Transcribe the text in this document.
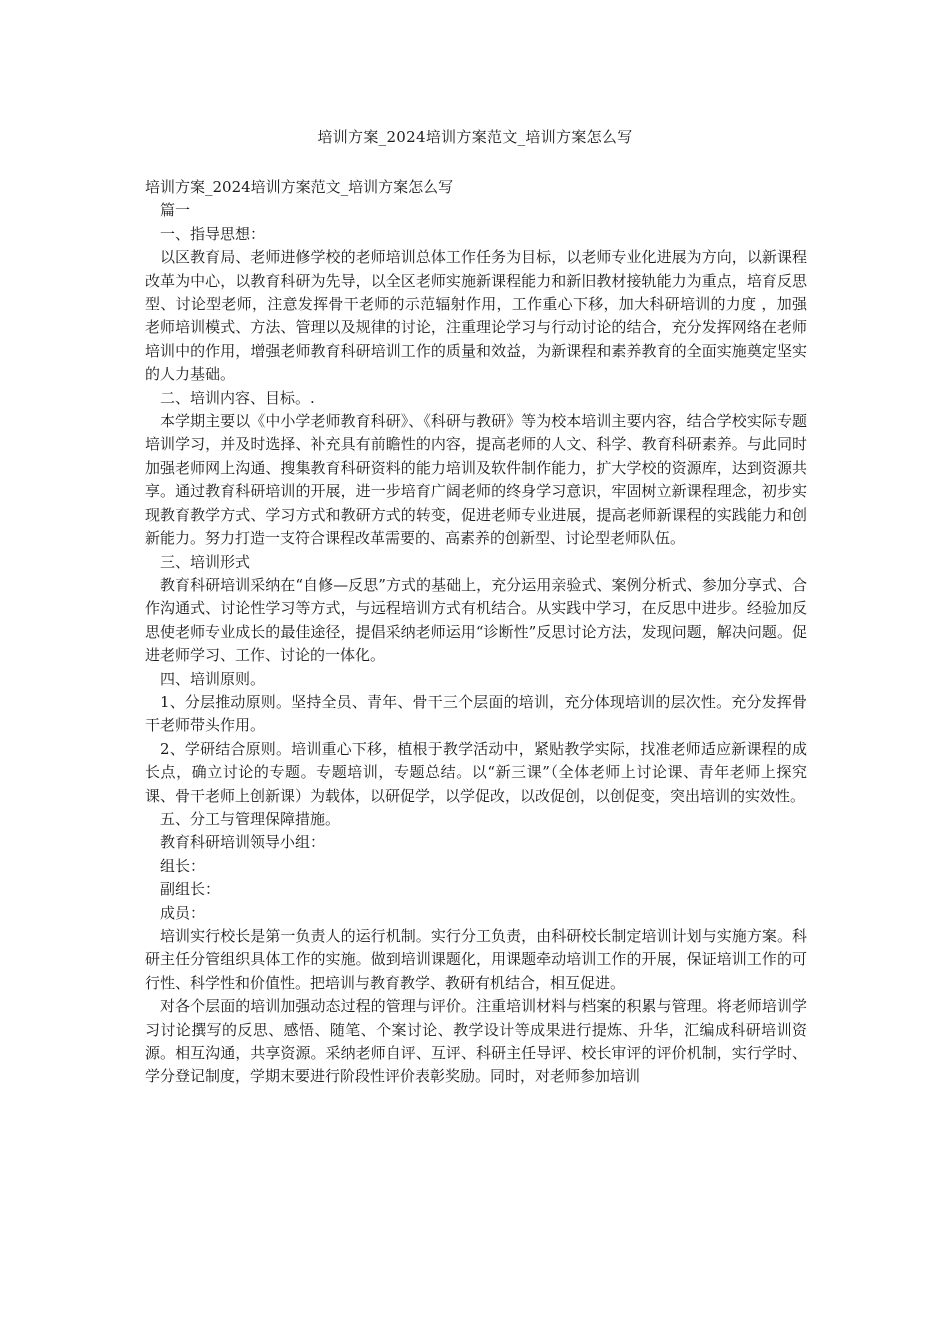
培训方案_2024培训方案范文_培训方案怎么写

培训方案_2024培训方案范文_培训方案怎么写

篇一

一、指导思想：

以区教育局、老师进修学校的老师培训总体工作任务为目标，以老师专业化进展为方向，以新课程改革为中心，以教育科研为先导，以全区老师实施新课程能力和新旧教材接轨能力为重点，培育反思型、讨论型老师，注意发挥骨干老师的示范辐射作用，工作重心下移，加大科研培训的力度 ，加强老师培训模式、方法、管理以及规律的讨论，注重理论学习与行动讨论的结合，充分发挥网络在老师培训中的作用，增强老师教育科研培训工作的质量和效益，为新课程和素养教育的全面实施奠定坚实的人力基础。

二、培训内容、目标。.

本学期主要以《中小学老师教育科研》、《科研与教研》等为校本培训主要内容，结合学校实际专题培训学习，并及时选择、补充具有前瞻性的内容，提高老师的人文、科学、教育科研素养。与此同时加强老师网上沟通、搜集教育科研资料的能力培训及软件制作能力，扩大学校的资源库，达到资源共享。通过教育科研培训的开展，进一步培育广阔老师的终身学习意识，牢固树立新课程理念，初步实现教育教学方式、学习方式和教研方式的转变，促进老师专业进展，提高老师新课程的实践能力和创新能力。努力打造一支符合课程改革需要的、高素养的创新型、讨论型老师队伍。

三、培训形式

教育科研培训采纳在“自修—反思”方式的基础上，充分运用亲验式、案例分析式、参加分享式、合作沟通式、讨论性学习等方式，与远程培训方式有机结合。从实践中学习，在反思中进步。经验加反思使老师专业成长的最佳途径，提倡采纳老师运用“诊断性”反思讨论方法，发现问题，解决问题。促进老师学习、工作、讨论的一体化。

四、培训原则。

1、分层推动原则。坚持全员、青年、骨干三个层面的培训，充分体现培训的层次性。充分发挥骨干老师带头作用。

2、学研结合原则。培训重心下移，植根于教学活动中，紧贴教学实际，找准老师适应新课程的成长点，确立讨论的专题。专题培训，专题总结。以“新三课”（全体老师上讨论课、青年老师上探究课、骨干老师上创新课）为载体，以研促学，以学促改，以改促创，以创促变，突出培训的实效性。

五、分工与管理保障措施。

教育科研培训领导小组：

组长：

副组长：

成员：

培训实行校长是第一负责人的运行机制。实行分工负责，由科研校长制定培训计划与实施方案。科研主任分管组织具体工作的实施。做到培训课题化，用课题牵动培训工作的开展，保证培训工作的可行性、科学性和价值性。把培训与教育教学、教研有机结合，相互促进。

对各个层面的培训加强动态过程的管理与评价。注重培训材料与档案的积累与管理。将老师培训学习讨论撰写的反思、感悟、随笔、个案讨论、教学设计等成果进行提炼、升华，汇编成科研培训资源。相互沟通，共享资源。采纳老师自评、互评、科研主任导评、校长审评的评价机制，实行学时、学分登记制度，学期末要进行阶段性评价表彰奖励。同时，对老师参加培训
